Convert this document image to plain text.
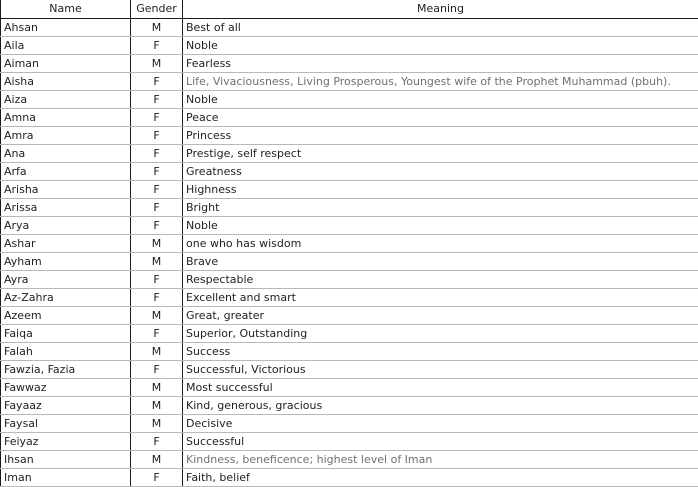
Name	Gender	Meaning
Ahsan	M	Best of all
Aila	F	Noble
Aiman	M	Fearless
Aisha	F	Life, Vivaciousness, Living Prosperous, Youngest wife of the Prophet Muhammad (pbuh).
Aiza	F	Noble
Amna	F	Peace
Amra	F	Princess
Ana	F	Prestige, self respect
Arfa	F	Greatness
Arisha	F	Highness
Arissa	F	Bright
Arya	F	Noble
Ashar	M	one who has wisdom
Ayham	M	Brave
Ayra	F	Respectable
Az-Zahra	F	Excellent and smart
Azeem	M	Great, greater
Faiqa	F	Superior, Outstanding
Falah	M	Success
Fawzia, Fazia	F	Successful, Victorious
Fawwaz	M	Most successful
Fayaaz	M	Kind, generous, gracious
Faysal	M	Decisive
Feiyaz	F	Successful
Ihsan	M	Kindness, beneficence; highest level of Iman
Iman	F	Faith, belief
